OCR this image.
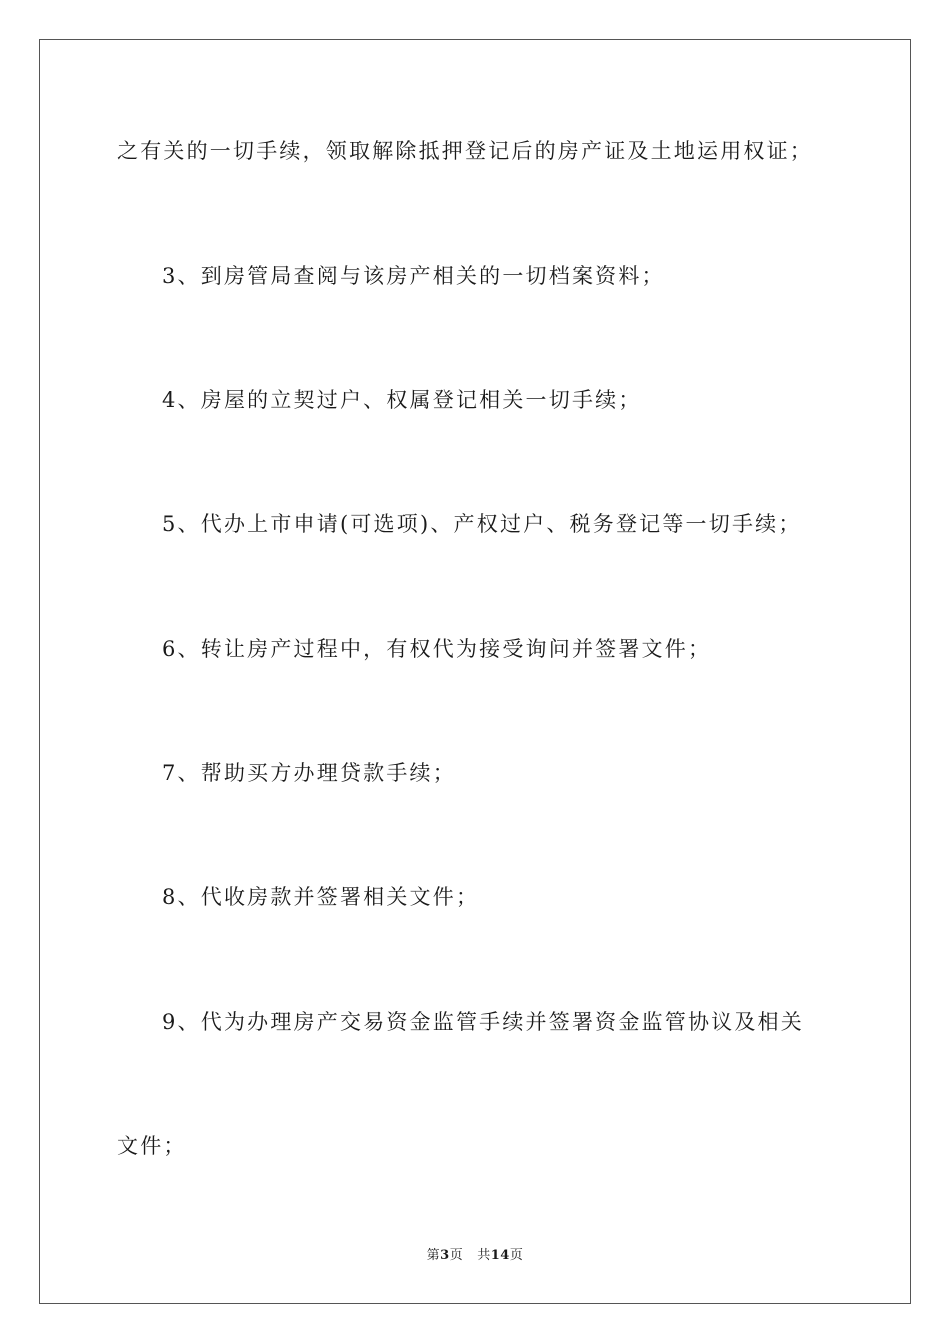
之有关的一切手续，领取解除抵押登记后的房产证及土地运用权证；
3、到房管局查阅与该房产相关的一切档案资料；
4、房屋的立契过户、权属登记相关一切手续；
5、代办上市申请(可选项)、产权过户、税务登记等一切手续；
6、转让房产过程中，有权代为接受询问并签署文件；
7、帮助买方办理贷款手续；
8、代收房款并签署相关文件；
9、代为办理房产交易资金监管手续并签署资金监管协议及相关
文件；
第3页 共14页
